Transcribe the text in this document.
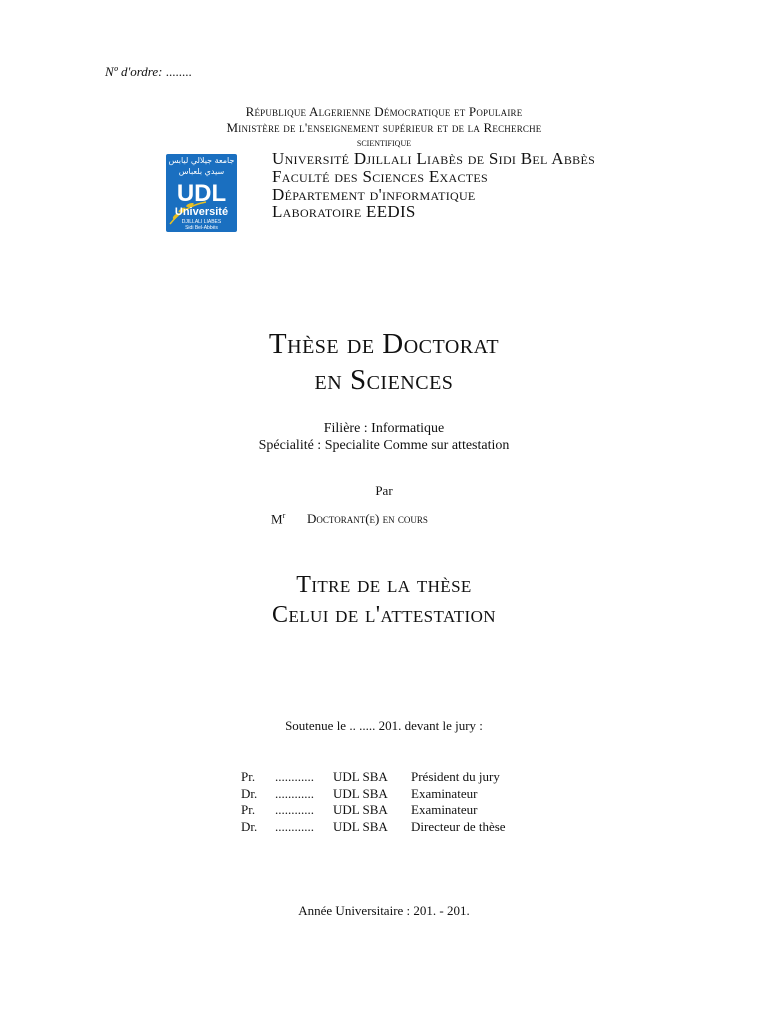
Nº d'ordre: ........
République Algerienne Démocratique et Populaire
Ministère de l'enseignement supérieur et de la Recherche
scientifique
جامعة جيلالي ليابس
سيدي بلعباس
UDL
Université
DJILLALI LIABES
Sidi Bel-Abbès
Université Djillali Liabès de Sidi Bel Abbès
Faculté des Sciences Exactes
Département d'informatique
Laboratoire EEDIS
Thèse de Doctorat
en Sciences
Filière : Informatique
Spécialité : Specialite Comme sur attestation
Par
$M^r$ Doctorant(e) en cours
Titre de la thèse
Celui de l'attestation
Soutenue le .. ..... 201. devant le jury :
Pr.	............	UDL SBA	Président du jury
Dr.	............	UDL SBA	Examinateur
Pr.	............	UDL SBA	Examinateur
Dr.	............	UDL SBA	Directeur de thèse
Année Universitaire : 201. - 201.
